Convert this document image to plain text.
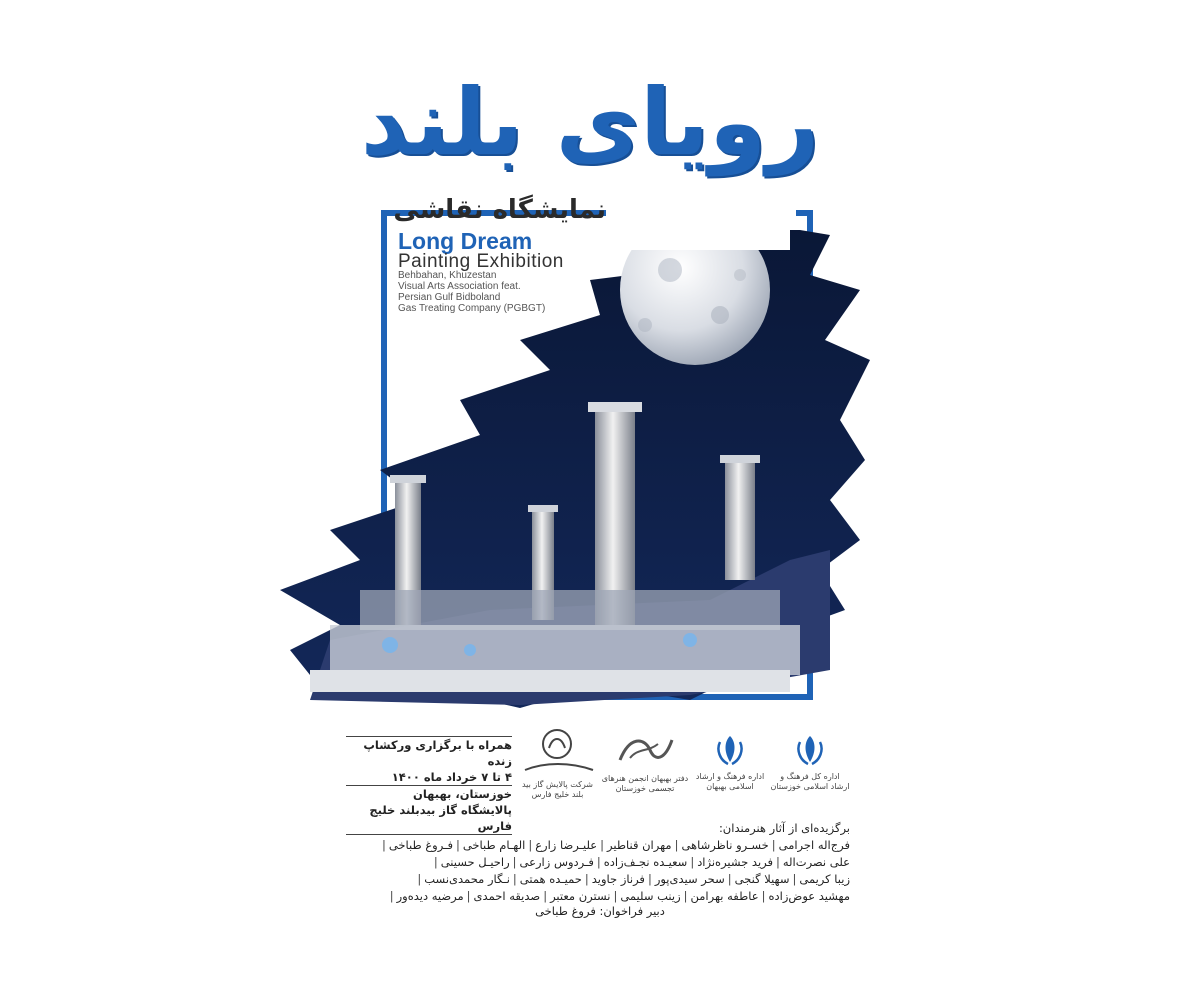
رویای بلند
نمایشگاه نقاشی
Long Dream
Painting Exhibition
Behbahan, Khuzestan
Visual Arts Association feat.
Persian Gulf Bidboland
Gas Treating Company (PGBGT)
همراه با برگزاری ورکشاپ زنده
۴ تا ۷ خرداد ماه ۱۴۰۰
خوزستان، بهبهان
پالایشگاه گاز بیدبلند خلیج فارس
اداره کل فرهنگ و ارشاد اسلامی خوزستان
اداره فرهنگ و ارشاد اسلامی بهبهان
دفتر بهبهان انجمن هنرهای تجسمی خوزستان
شرکت پالایش گاز بید بلند خلیج فارس
برگزیده‌ای از آثار هنرمندان:
فرج‌اله اجرامی|خسـرو ناظرشاهی|مهران قناطیر|علیـرضا زارع|الهـام طباخی|فـروغ طباخی|
علی نصرت‌اله|فرید جشیره‌نژاد|سعیـده نجـف‌زاده|فـردوس زارعی|راحیـل حسینی|
زیبا کریمی|سهیلا گنجی|سحر سیدی‌پور|فرناز جاوید|حمیـده همتی|نـگار محمدی‌نسب|
مهشید عوض‌زاده|عاطفه بهرامن|زینب سلیمی|نسترن معتبر|صدیقه احمدی|مرضیه دیده‌ور|
دبیر فراخوان: فروغ طباخی
